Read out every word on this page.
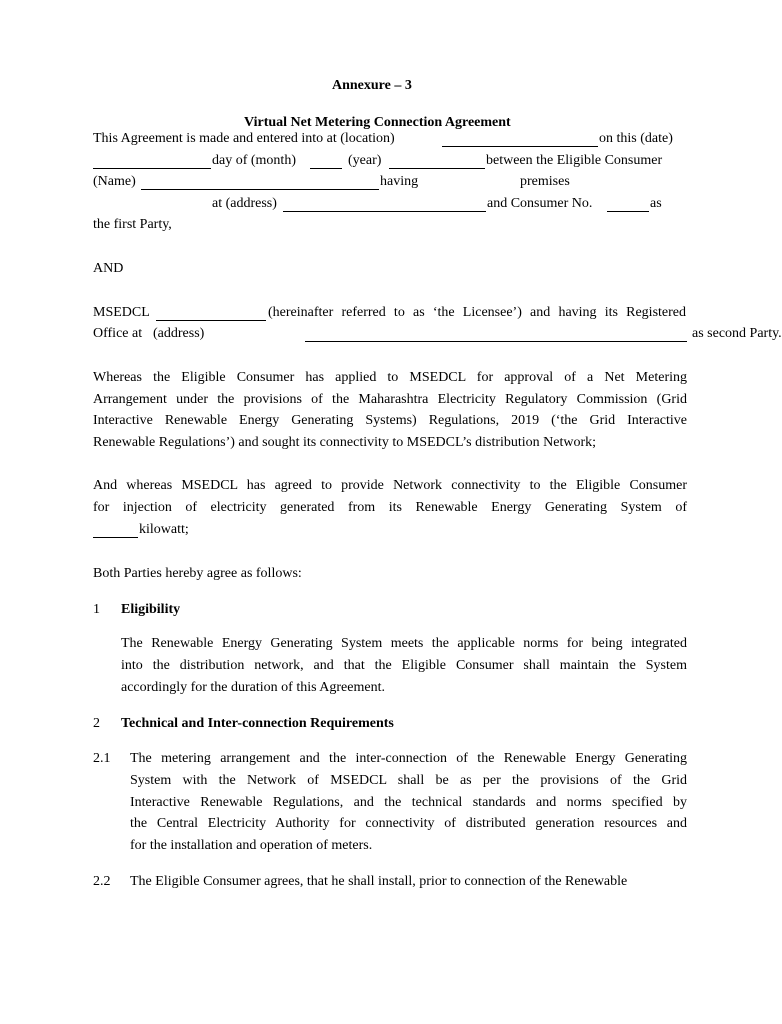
Annexure – 3
Virtual Net Metering Connection Agreement
This Agreement is made and entered into at (location)	on this (date)
day of (month)	(year)	between the Eligible Consumer
(Name)	having	premises
at (address)	and Consumer No.	as
the first Party,
AND
MSEDCL	(hereinafter referred to as ‘the Licensee’) and having its Registered
Office at (address)	as second Party.

Whereas the Eligible Consumer has applied to MSEDCL for approval of a Net Metering

Arrangement under the provisions of the Maharashtra Electricity Regulatory Commission (Grid

Interactive Renewable Energy Generating Systems) Regulations, 2019 (‘the Grid Interactive

Renewable Regulations’) and sought its connectivity to MSEDCL’s distribution Network;

And whereas MSEDCL has agreed to provide Network connectivity to the Eligible Consumer

for injection of electricity generated from its Renewable Energy Generating System of

kilowatt;
Both Parties hereby agree as follows:
1 Eligibility

The Renewable Energy Generating System meets the applicable norms for being integrated

into the distribution network, and that the Eligible Consumer shall maintain the System

accordingly for the duration of this Agreement.

2 Technical and Inter-connection Requirements
2.1 The metering arrangement and the inter-connection of the Renewable Energy Generating

System with the Network of MSEDCL shall be as per the provisions of the Grid

Interactive Renewable Regulations, and the technical standards and norms specified by

the Central Electricity Authority for connectivity of distributed generation resources and

for the installation and operation of meters.

2.2 The Eligible Consumer agrees, that he shall install, prior to connection of the Renewable
